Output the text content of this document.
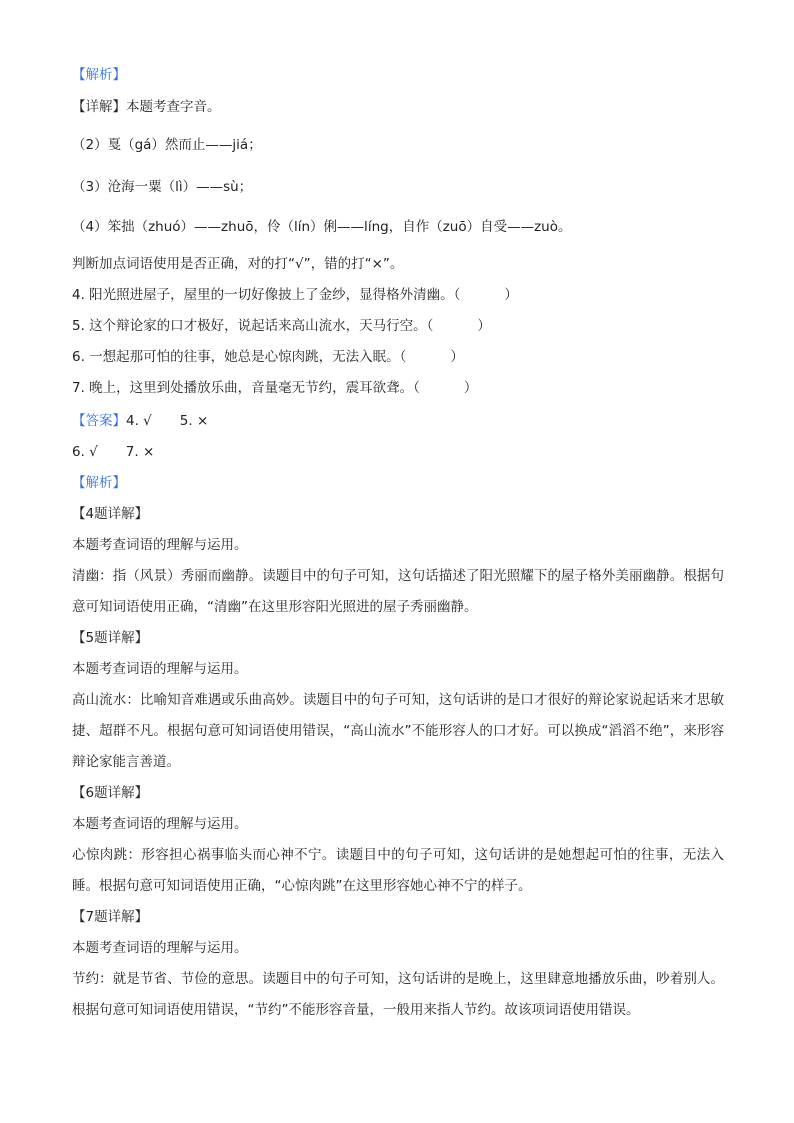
【解析】
【详解】本题考查字音。
（2）戛（gá）然而止——jiá；
（3）沧海一粟（lì）——sù；
（4）笨拙（zhuó）——zhuō，伶（lín）俐——líng，自作（zuō）自受——zuò。
判断加点词语使用是否正确，对的打“√”，错的打“×”。
4. 阳光照进屋子，屋里的一切好像披上了金纱，显得格外清幽。（	）
5. 这个辩论家的口才极好，说起话来高山流水，天马行空。（	）
6. 一想起那可怕的往事，她总是心惊肉跳，无法入眠。（	）
7. 晚上，这里到处播放乐曲，音量毫无节约，震耳欲聋。（	）
【答案】4. √ 5. ×
6. √ 7. ×
【解析】
【4题详解】
本题考查词语的理解与运用。
清幽：指（风景）秀丽而幽静。读题目中的句子可知，这句话描述了阳光照耀下的屋子格外美丽幽静。根据句意可知词语使用正确，“清幽”在这里形容阳光照进的屋子秀丽幽静。
【5题详解】
本题考查词语的理解与运用。
高山流水：比喻知音难遇或乐曲高妙。读题目中的句子可知，这句话讲的是口才很好的辩论家说起话来才思敏捷、超群不凡。根据句意可知词语使用错误，“高山流水”不能形容人的口才好。可以换成“滔滔不绝”，来形容辩论家能言善道。
【6题详解】
本题考查词语的理解与运用。
心惊肉跳：形容担心祸事临头而心神不宁。读题目中的句子可知，这句话讲的是她想起可怕的往事，无法入睡。根据句意可知词语使用正确，“心惊肉跳”在这里形容她心神不宁的样子。
【7题详解】
本题考查词语的理解与运用。
节约：就是节省、节俭的意思。读题目中的句子可知，这句话讲的是晚上，这里肆意地播放乐曲，吵着别人。根据句意可知词语使用错误，“节约”不能形容音量，一般用来指人节约。故该项词语使用错误。
